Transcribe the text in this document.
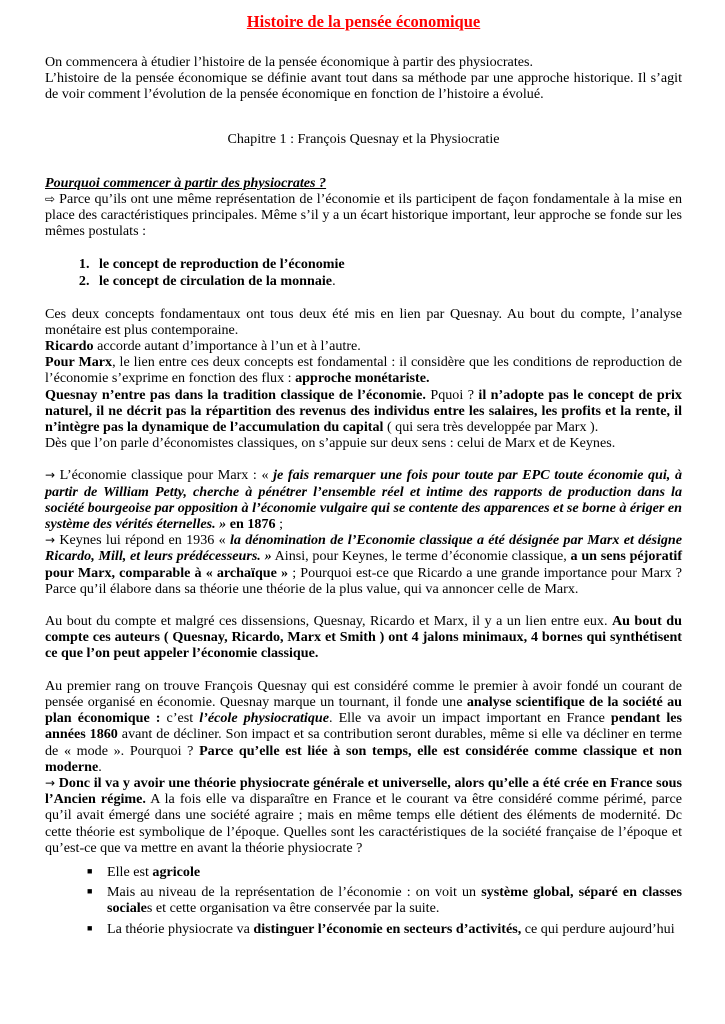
Histoire de la pensée économique

On commencera à étudier l’histoire de la pensée économique à partir des physiocrates.

L’histoire de la pensée économique se définie avant tout dans sa méthode par une approche historique. Il s’agit de voir comment l’évolution de la pensée économique en fonction de l’histoire a évolué.

Chapitre 1 : François Quesnay et la Physiocratie

Pourquoi commencer à partir des physiocrates ?

⇨ Parce qu’ils ont une même représentation de l’économie et ils participent de façon fondamentale à la mise en place des caractéristiques principales. Même s’il y a un écart historique important, leur approche se fonde sur les mêmes postulats :

1. le concept de reproduction de l’économie
2. le concept de circulation de la monnaie.

Ces deux concepts fondamentaux ont tous deux été mis en lien par Quesnay. Au bout du compte, l’analyse monétaire est plus contemporaine.

Ricardo accorde autant d’importance à l’un et à l’autre.

Pour Marx, le lien entre ces deux concepts est fondamental : il considère que les conditions de reproduction de l’économie s’exprime en fonction des flux : approche monétariste.

Quesnay n’entre pas dans la tradition classique de l’économie. Pquoi ? il n’adopte pas le concept de prix naturel, il ne décrit pas la répartition des revenus des individus entre les salaires, les profits et la rente, il n’intègre pas la dynamique de l’accumulation du capital ( qui sera très developpée par Marx ).

Dès que l’on parle d’économistes classiques, on s’appuie sur deux sens : celui de Marx et de Keynes.

→ L’économie classique pour Marx : « je fais remarquer une fois pour toute par EPC toute économie qui, à partir de William Petty, cherche à pénétrer l’ensemble réel et intime des rapports de production dans la société bourgeoise par opposition à l’économie vulgaire qui se contente des apparences et se borne à ériger en système des vérités éternelles. » en 1876 ;

→ Keynes lui répond en 1936 « la dénomination de l’Economie classique a été désignée par Marx et désigne Ricardo, Mill, et leurs prédécesseurs. » Ainsi, pour Keynes, le terme d’économie classique, a un sens péjoratif pour Marx, comparable à « archaïque » ; Pourquoi est-ce que Ricardo a une grande importance pour Marx ? Parce qu’il élabore dans sa théorie une théorie de la plus value, qui va annoncer celle de Marx.

Au bout du compte et malgré ces dissensions, Quesnay, Ricardo et Marx, il y a un lien entre eux. Au bout du compte ces auteurs ( Quesnay, Ricardo, Marx et Smith ) ont 4 jalons minimaux, 4 bornes qui synthétisent ce que l’on peut appeler l’économie classique.

Au premier rang on trouve François Quesnay qui est considéré comme le premier à avoir fondé un courant de pensée organisé en économie. Quesnay marque un tournant, il fonde une analyse scientifique de la société au plan économique : c’est l’école physiocratique. Elle va avoir un impact important en France pendant les années 1860 avant de décliner. Son impact et sa contribution seront durables, même si elle va décliner en terme de « mode ». Pourquoi ? Parce qu’elle est liée à son temps, elle est considérée comme classique et non moderne.

→ Donc il va y avoir une théorie physiocrate générale et universelle, alors qu’elle a été crée en France sous l’Ancien régime. A la fois elle va disparaître en France et le courant va être considéré comme périmé, parce qu’il avait émergé dans une société agraire ; mais en même temps elle détient des éléments de modernité. Dc cette théorie est symbolique de l’époque. Quelles sont les caractéristiques de la société française de l’époque et qu’est-ce que va mettre en avant la théorie physiocrate ?

■ Elle est agricole
■ Mais au niveau de la représentation de l’économie : on voit un système global, séparé en classes sociales et cette organisation va être conservée par la suite.
■ La théorie physiocrate va distinguer l’économie en secteurs d’activités, ce qui perdure aujourd’hui
